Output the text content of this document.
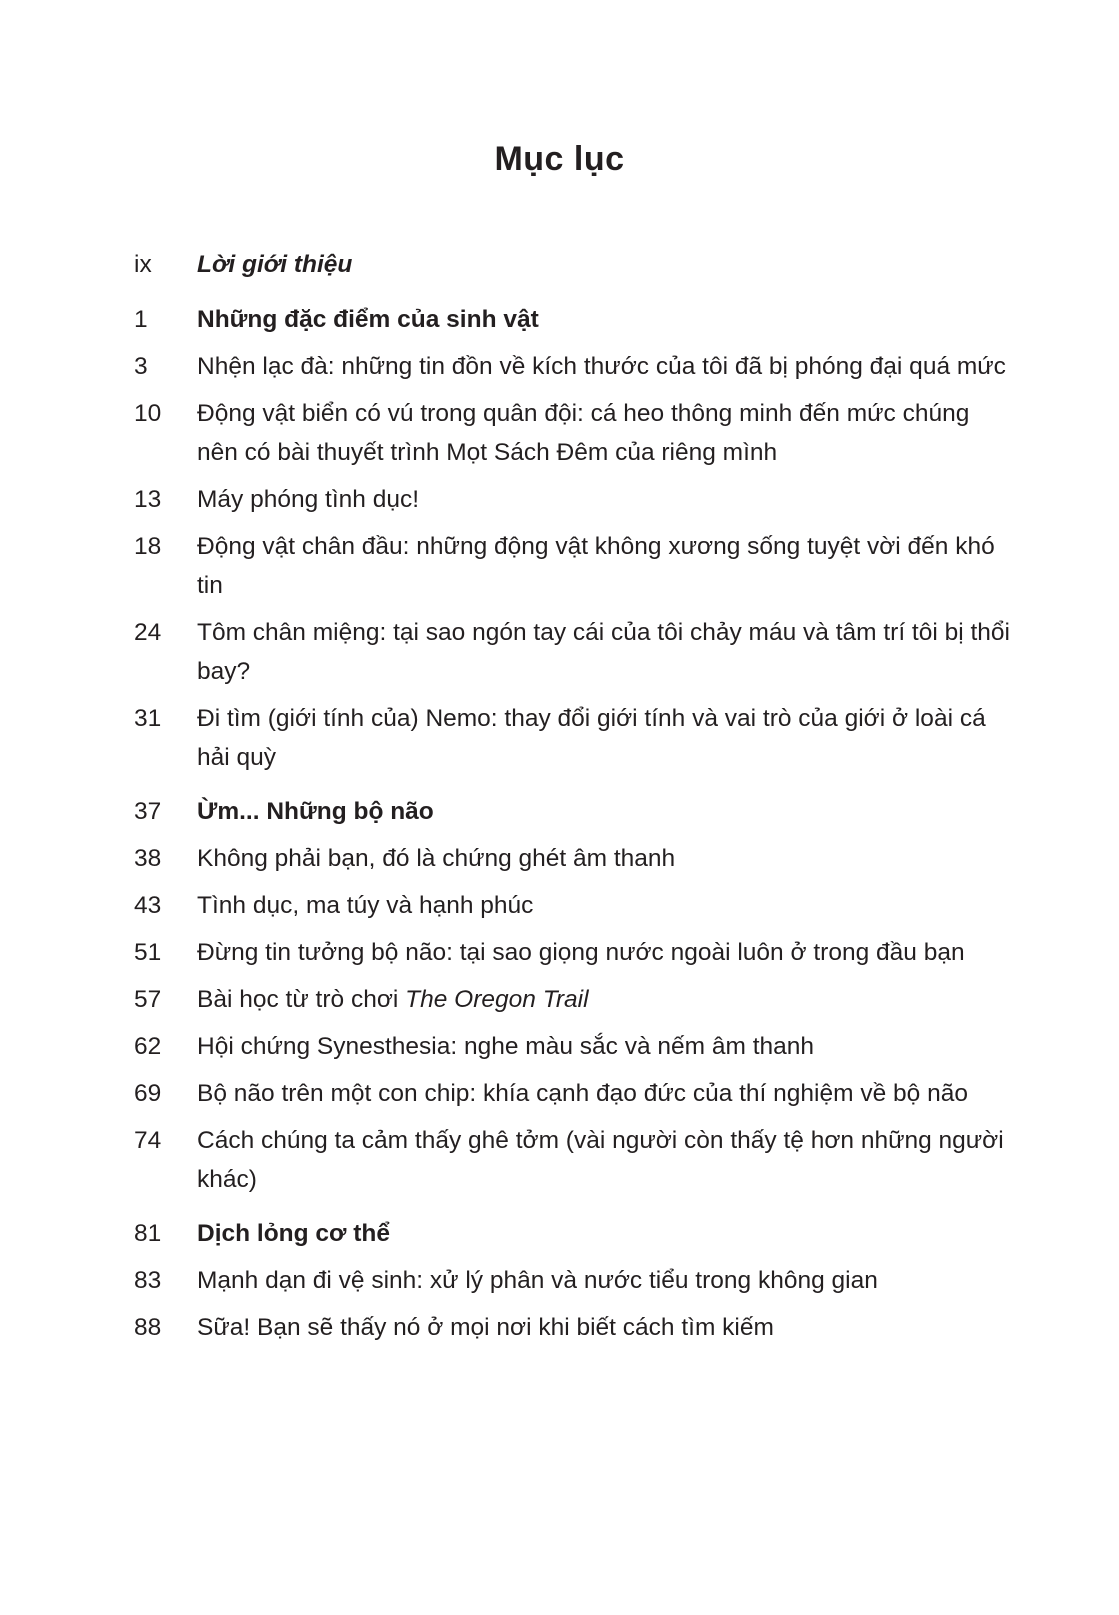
Mục lục
ix	Lời giới thiệu
1	Những đặc điểm của sinh vật
3	Nhện lạc đà: những tin đồn về kích thước của tôi đã bị phóng đại quá mức
10	Động vật biển có vú trong quân đội: cá heo thông minh đến mức chúng nên có bài thuyết trình Mọt Sách Đêm của riêng mình
13	Máy phóng tình dục!
18	Động vật chân đầu: những động vật không xương sống tuyệt vời đến khó tin
24	Tôm chân miệng: tại sao ngón tay cái của tôi chảy máu và tâm trí tôi bị thổi bay?
31	Đi tìm (giới tính của) Nemo: thay đổi giới tính và vai trò của giới ở loài cá hải quỳ
37	Ừm... Những bộ não
38	Không phải bạn, đó là chứng ghét âm thanh
43	Tình dục, ma túy và hạnh phúc
51	Đừng tin tưởng bộ não: tại sao giọng nước ngoài luôn ở trong đầu bạn
57	Bài học từ trò chơi The Oregon Trail
62	Hội chứng Synesthesia: nghe màu sắc và nếm âm thanh
69	Bộ não trên một con chip: khía cạnh đạo đức của thí nghiệm về bộ não
74	Cách chúng ta cảm thấy ghê tởm (vài người còn thấy tệ hơn những người khác)
81	Dịch lỏng cơ thể
83	Mạnh dạn đi vệ sinh: xử lý phân và nước tiểu trong không gian
88	Sữa! Bạn sẽ thấy nó ở mọi nơi khi biết cách tìm kiếm
